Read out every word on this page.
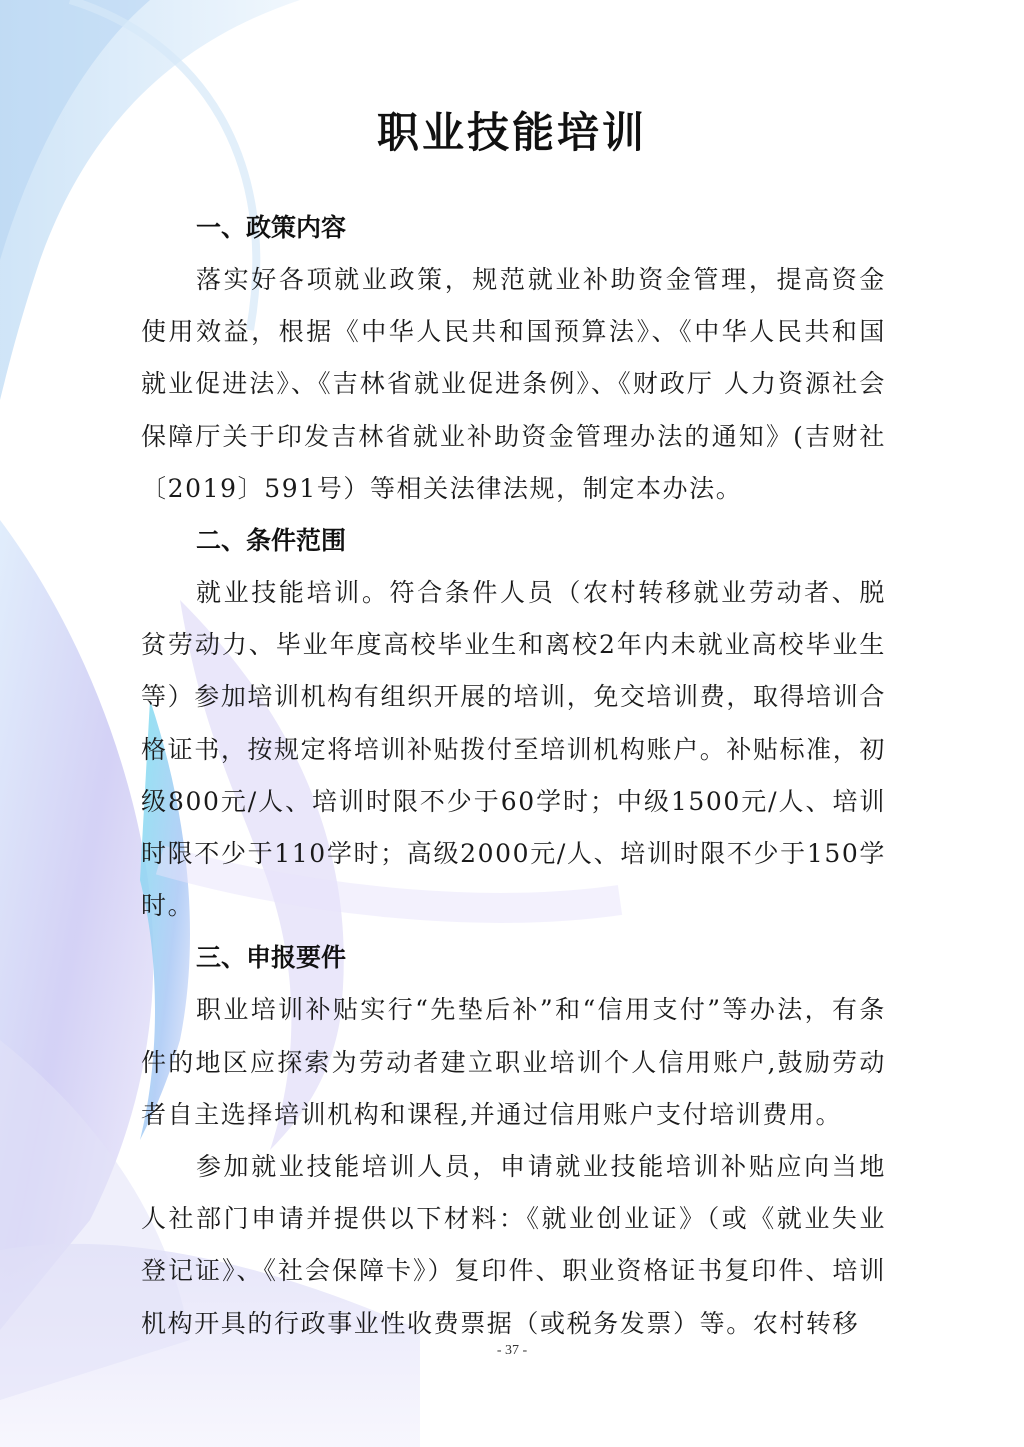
职业技能培训
一、政策内容

落实好各项就业政策，规范就业补助资金管理，提高资金使用效益，根据《中华人民共和国预算法》、《中华人民共和国就业促进法》、《吉林省就业促进条例》、《财政厅 人力资源社会保障厅关于印发吉林省就业补助资金管理办法的通知》(吉财社〔2019〕591号）等相关法律法规，制定本办法。

二、条件范围

就业技能培训。符合条件人员（农村转移就业劳动者、脱贫劳动力、毕业年度高校毕业生和离校2年内未就业高校毕业生等）参加培训机构有组织开展的培训，免交培训费，取得培训合格证书，按规定将培训补贴拨付至培训机构账户。补贴标准，初级800元/人、培训时限不少于60学时；中级1500元/人、培训时限不少于110学时；高级2000元/人、培训时限不少于150学时。

三、申报要件

职业培训补贴实行“先垫后补”和“信用支付”等办法，有条件的地区应探索为劳动者建立职业培训个人信用账户,鼓励劳动者自主选择培训机构和课程,并通过信用账户支付培训费用。

参加就业技能培训人员，申请就业技能培训补贴应向当地人社部门申请并提供以下材料：《就业创业证》（或《就业失业登记证》、《社会保障卡》）复印件、职业资格证书复印件、培训机构开具的行政事业性收费票据（或税务发票）等。农村转移

- 37 -
